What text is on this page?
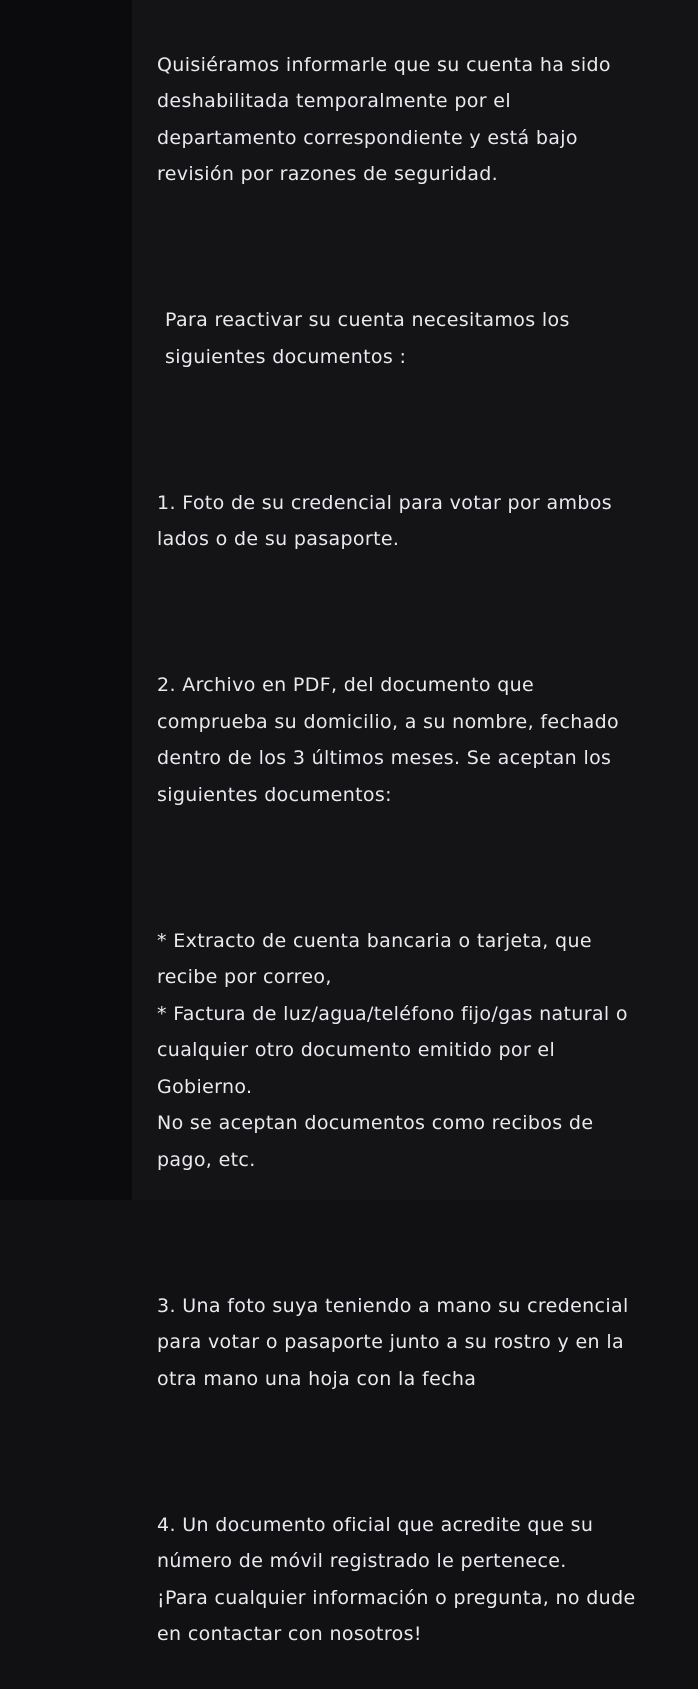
Quisiéramos informarle que su cuenta ha sido
deshabilitada temporalmente por el
departamento correspondiente y está bajo
revisión por razones de seguridad.

Para reactivar su cuenta necesitamos los
siguientes documentos :

1. Foto de su credencial para votar por ambos
lados o de su pasaporte.

2. Archivo en PDF, del documento que
comprueba su domicilio, a su nombre, fechado
dentro de los 3 últimos meses. Se aceptan los
siguientes documentos:

* Extracto de cuenta bancaria o tarjeta, que
recibe por correo,
* Factura de luz/agua/teléfono fijo/gas natural o
cualquier otro documento emitido por el
Gobierno.
No se aceptan documentos como recibos de
pago, etc.

3. Una foto suya teniendo a mano su credencial
para votar o pasaporte junto a su rostro y en la
otra mano una hoja con la fecha

4. Un documento oficial que acredite que su
número de móvil registrado le pertenece.
¡Para cualquier información o pregunta, no dude
en contactar con nosotros!
